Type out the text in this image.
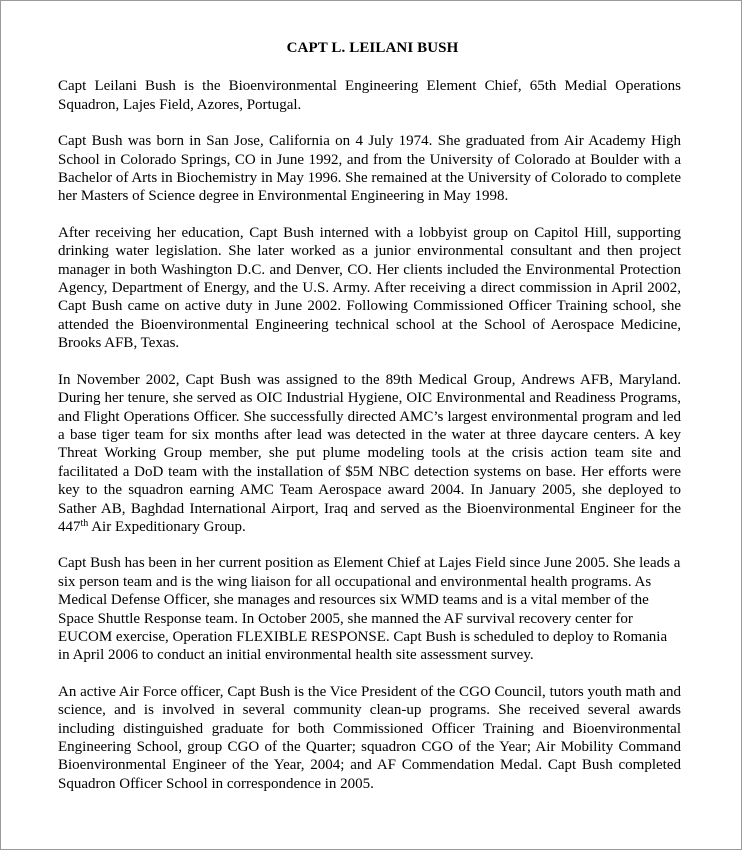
CAPT L. LEILANI BUSH

Capt Leilani Bush is the Bioenvironmental Engineering Element Chief, 65th Medial Operations Squadron, Lajes Field, Azores, Portugal.

Capt Bush was born in San Jose, California on 4 July 1974. She graduated from Air Academy High School in Colorado Springs, CO in June 1992, and from the University of Colorado at Boulder with a Bachelor of Arts in Biochemistry in May 1996. She remained at the University of Colorado to complete her Masters of Science degree in Environmental Engineering in May 1998.

After receiving her education, Capt Bush interned with a lobbyist group on Capitol Hill, supporting drinking water legislation. She later worked as a junior environmental consultant and then project manager in both Washington D.C. and Denver, CO. Her clients included the Environmental Protection Agency, Department of Energy, and the U.S. Army. After receiving a direct commission in April 2002, Capt Bush came on active duty in June 2002. Following Commissioned Officer Training school, she attended the Bioenvironmental Engineering technical school at the School of Aerospace Medicine, Brooks AFB, Texas.

In November 2002, Capt Bush was assigned to the 89th Medical Group, Andrews AFB, Maryland. During her tenure, she served as OIC Industrial Hygiene, OIC Environmental and Readiness Programs, and Flight Operations Officer. She successfully directed AMC’s largest environmental program and led a base tiger team for six months after lead was detected in the water at three daycare centers. A key Threat Working Group member, she put plume modeling tools at the crisis action team site and facilitated a DoD team with the installation of $5M NBC detection systems on base. Her efforts were key to the squadron earning AMC Team Aerospace award 2004. In January 2005, she deployed to Sather AB, Baghdad International Airport, Iraq and served as the Bioenvironmental Engineer for the 447th Air Expeditionary Group.

Capt Bush has been in her current position as Element Chief at Lajes Field since June 2005. She leads a six person team and is the wing liaison for all occupational and environmental health programs. As Medical Defense Officer, she manages and resources six WMD teams and is a vital member of the Space Shuttle Response team. In October 2005, she manned the AF survival recovery center for EUCOM exercise, Operation FLEXIBLE RESPONSE. Capt Bush is scheduled to deploy to Romania in April 2006 to conduct an initial environmental health site assessment survey.

An active Air Force officer, Capt Bush is the Vice President of the CGO Council, tutors youth math and science, and is involved in several community clean-up programs. She received several awards including distinguished graduate for both Commissioned Officer Training and Bioenvironmental Engineering School, group CGO of the Quarter; squadron CGO of the Year; Air Mobility Command Bioenvironmental Engineer of the Year, 2004; and AF Commendation Medal. Capt Bush completed Squadron Officer School in correspondence in 2005.
